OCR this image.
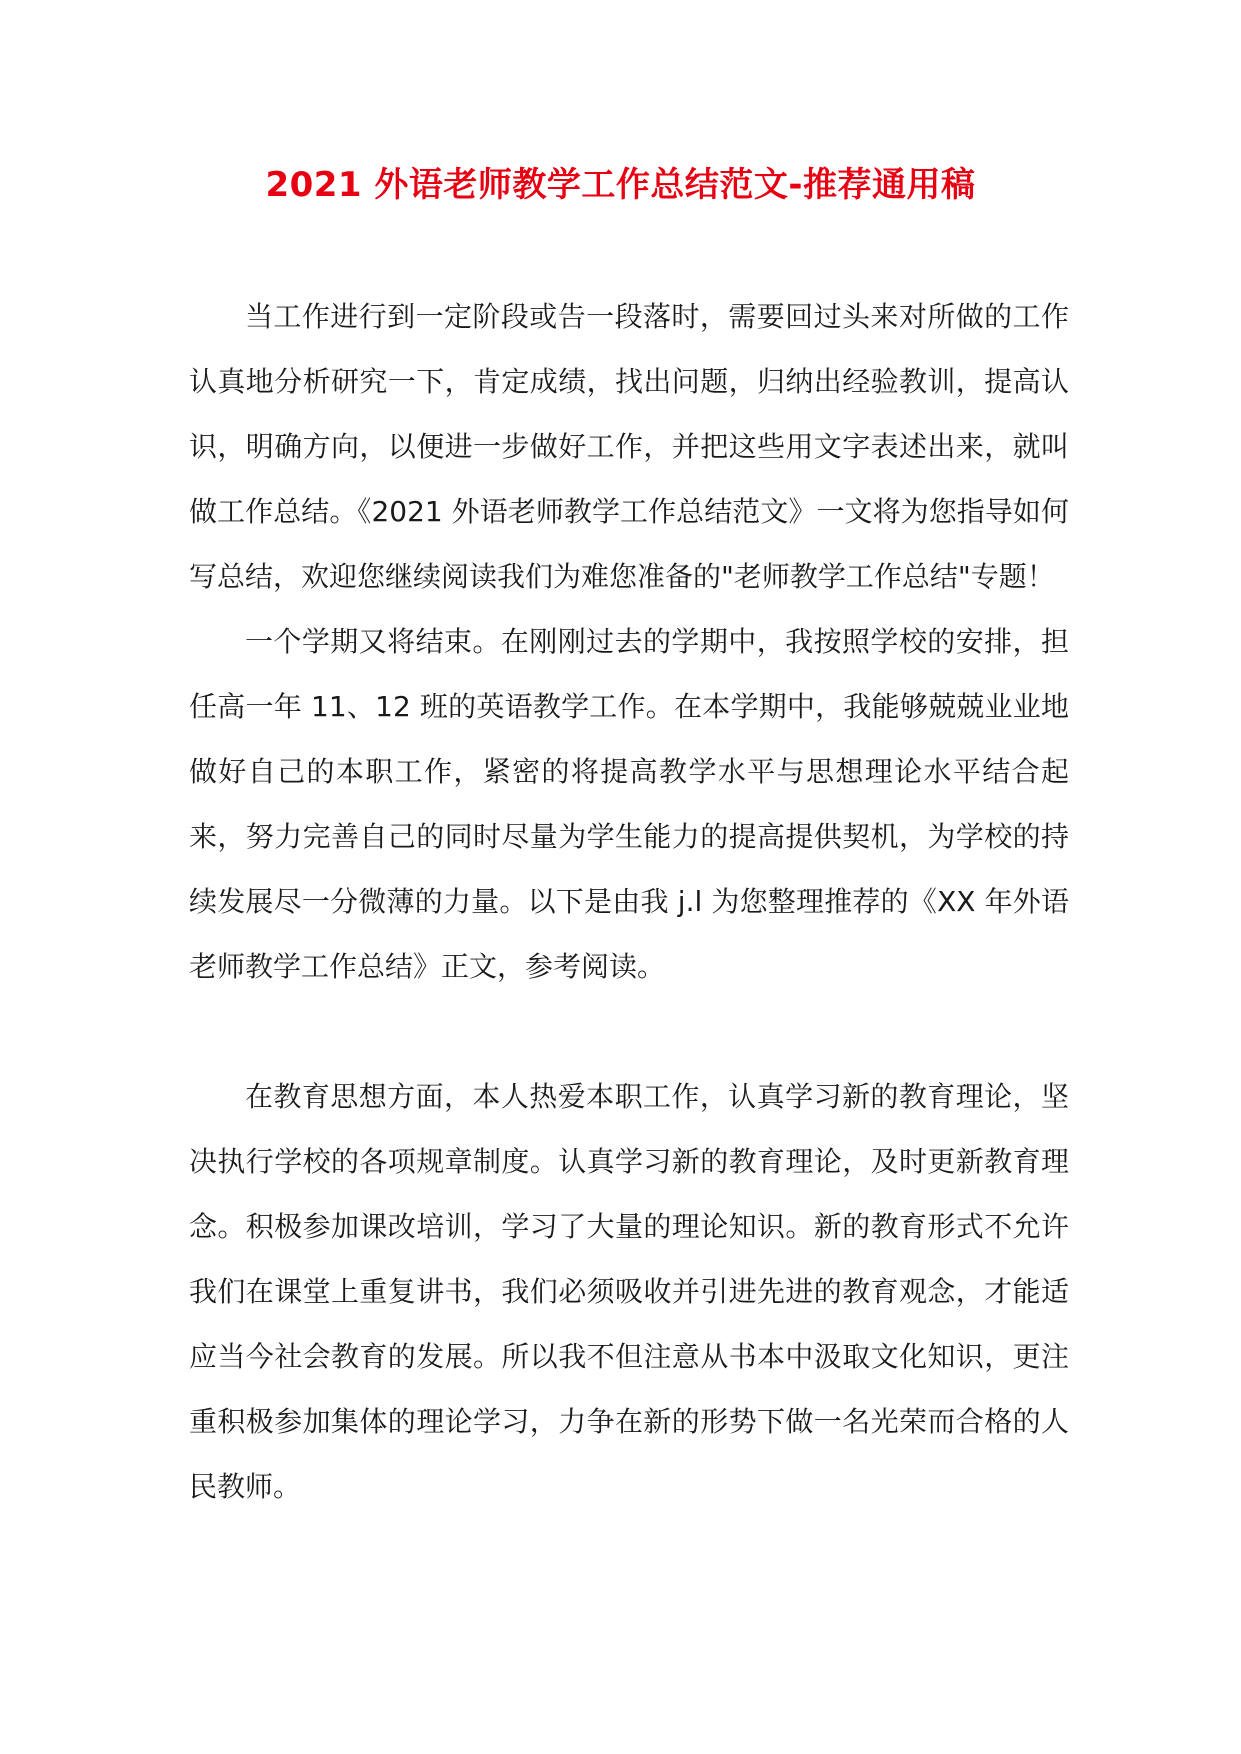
2021 外语老师教学工作总结范文-推荐通用稿

当工作进行到一定阶段或告一段落时，需要回过头来对所做的工作认真地分析研究一下，肯定成绩，找出问题，归纳出经验教训，提高认识，明确方向，以便进一步做好工作，并把这些用文字表述出来，就叫做工作总结。《2021 外语老师教学工作总结范文》一文将为您指导如何写总结，欢迎您继续阅读我们为难您准备的"老师教学工作总结"专题！

一个学期又将结束。在刚刚过去的学期中，我按照学校的安排，担任高一年 11、12 班的英语教学工作。在本学期中，我能够兢兢业业地做好自己的本职工作，紧密的将提高教学水平与思想理论水平结合起来，努力完善自己的同时尽量为学生能力的提高提供契机，为学校的持续发展尽一分微薄的力量。以下是由我 j.l 为您整理推荐的《XX 年外语老师教学工作总结》正文，参考阅读。

在教育思想方面，本人热爱本职工作，认真学习新的教育理论，坚决执行学校的各项规章制度。认真学习新的教育理论，及时更新教育理念。积极参加课改培训，学习了大量的理论知识。新的教育形式不允许我们在课堂上重复讲书，我们必须吸收并引进先进的教育观念，才能适应当今社会教育的发展。所以我不但注意从书本中汲取文化知识，更注重积极参加集体的理论学习，力争在新的形势下做一名光荣而合格的人民教师。
